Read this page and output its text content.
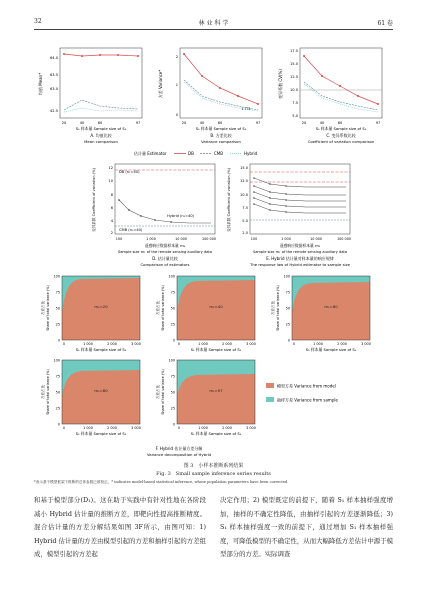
32	林 业 科 学	61 卷
均值 Mean*
64.0
63.5
63.0
42.5
20	40	60	97
S₁ 样本量 Sample size of S₁
A. 均值比较
Mean comparison
方差 Variance*
2
1
0
1.772
20	40	60	97
S₁ 样本量 Sample size of S₁
B. 方差比较
Variance comparison
变异系数 CV(%)
17.5
15.0
12.5
10.0
7.5
5.0
20	40	60	97
S₁ 样本量 Sample size of S₁
C. 变异系数比较
Coefficient of variation comparison
估计量 Estimator	DB	CMB	Hybrid
变异系数 Coefficient of variation (%)
12
10
8
6
4
2
DB (n₁=40)
Hybrid (n₁=40)
CMB (n₁=40)
100	1 000	10 000	100 000
遥感响应数据样本量 m₁
Sample size m₁ of the remote sensing auxiliary data
D. 估计量比较
Comparison of estimators
变异系数 Coefficient of variation (%)
15.0
12.5
10.0
7.5
5.0
2.5
100	1 000	10 000	100 000
遥感响应数据样本量 m₁
Sample size m₁ of the remote sensing auxiliary data
E. Hybrid 估计量对样本量的响应规律
The response law of Hybrid estimator to sample size
100
75
50
25
0
0	1 000	2 000	3 000
S₁ 样本量 Sample size of S₁
m₁=20
方差占比 Share of total variance (%)
100
75
50
25
0
0	1 000	2 000	3 000
S₁ 样本量 Sample size of S₁
m₁=40
方差占比 Share of total variance (%)
100
75
50
25
0
0	1 000	2 000	3 000
S₁ 样本量 Sample size of S₁
m₁=60
方差占比 Share of total variance (%)
100
75
50
25
0
0	1 000	2 000	3 000
S₁ 样本量 Sample size of S₁
m₁=80
方差占比 Share of total variance (%)
100
75
50
25
0
0	1 000	2 000	3 000
S₁ 样本量 Sample size of S₁
m₁=97
方差占比 Share of total variance (%)	模型方差 Variance from model
抽样方差 Variance from sample
F. Hybrid 估计量方差分解
Variance decomposition of Hybrid
图 3　小样本推断系列结果
Fig. 3　Small sample inference series results
*表示基于模型框架下推断的总体参数已被校正。* indicates model-based statistical inference, whose population parameters have been corrected.
和基于模型部分(D₁)。这在助于实践中有针对性地在各阶段减小 Hybrid 估计量的推断方差，即靶向性提高推断精度。混合估计量的方差分解结果如图 3F所示，由图可知：1) Hybrid 估计量的方差由模型引起的方差和抽样引起的方差组成，模型引起的方差起
决定作用；2) 模型既定的前提下，随着 S₁ 样本抽样强度增加，抽样的不确定性降低，由抽样引起的方差逐渐降低；3) S₁ 样本抽样强度一致的前提下，通过增加 S₁ 样本抽样强度，可降低模型的不确定性，从而大幅降低方差估计中源于模型部分的方差。实际调查
